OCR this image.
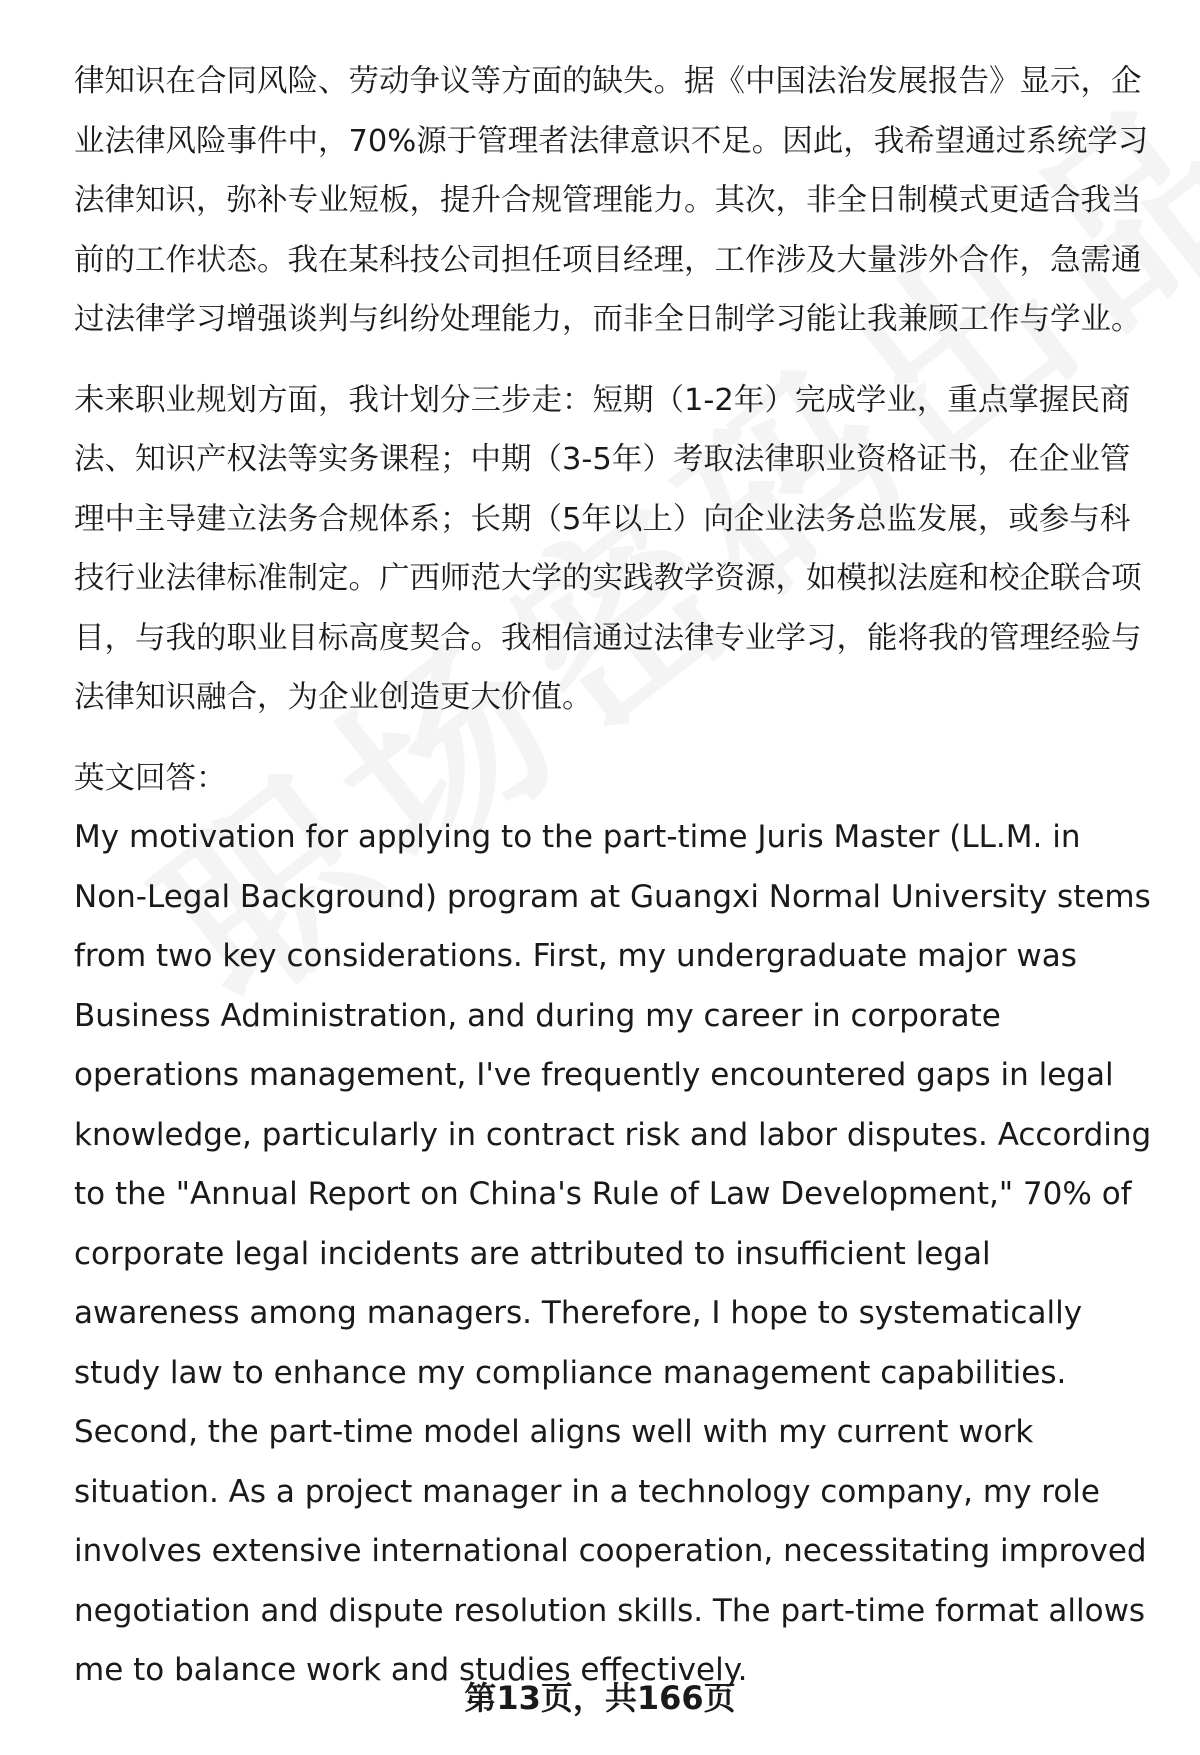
律知识在合同风险、劳动争议等方面的缺失。据《中国法治发展报告》显示，企业法律风险事件中，70%源于管理者法律意识不足。因此，我希望通过系统学习法律知识，弥补专业短板，提升合规管理能力。其次，非全日制模式更适合我当前的工作状态。我在某科技公司担任项目经理，工作涉及大量涉外合作，急需通过法律学习增强谈判与纠纷处理能力，而非全日制学习能让我兼顾工作与学业。

未来职业规划方面，我计划分三步走：短期（1-2年）完成学业，重点掌握民商法、知识产权法等实务课程；中期（3-5年）考取法律职业资格证书，在企业管理中主导建立法务合规体系；长期（5年以上）向企业法务总监发展，或参与科技行业法律标准制定。广西师范大学的实践教学资源，如模拟法庭和校企联合项目，与我的职业目标高度契合。我相信通过法律专业学习，能将我的管理经验与法律知识融合，为企业创造更大价值。

英文回答：

My motivation for applying to the part-time Juris Master (LL.M. in Non-Legal Background) program at Guangxi Normal University stems from two key considerations. First, my undergraduate major was Business Administration, and during my career in corporate operations management, I've frequently encountered gaps in legal knowledge, particularly in contract risk and labor disputes. According to the "Annual Report on China's Rule of Law Development," 70% of corporate legal incidents are attributed to insufficient legal awareness among managers. Therefore, I hope to systematically study law to enhance my compliance management capabilities. Second, the part-time model aligns well with my current work situation. As a project manager in a technology company, my role involves extensive international cooperation, necessitating improved negotiation and dispute resolution skills. The part-time format allows me to balance work and studies effectively.

第13页，共166页
